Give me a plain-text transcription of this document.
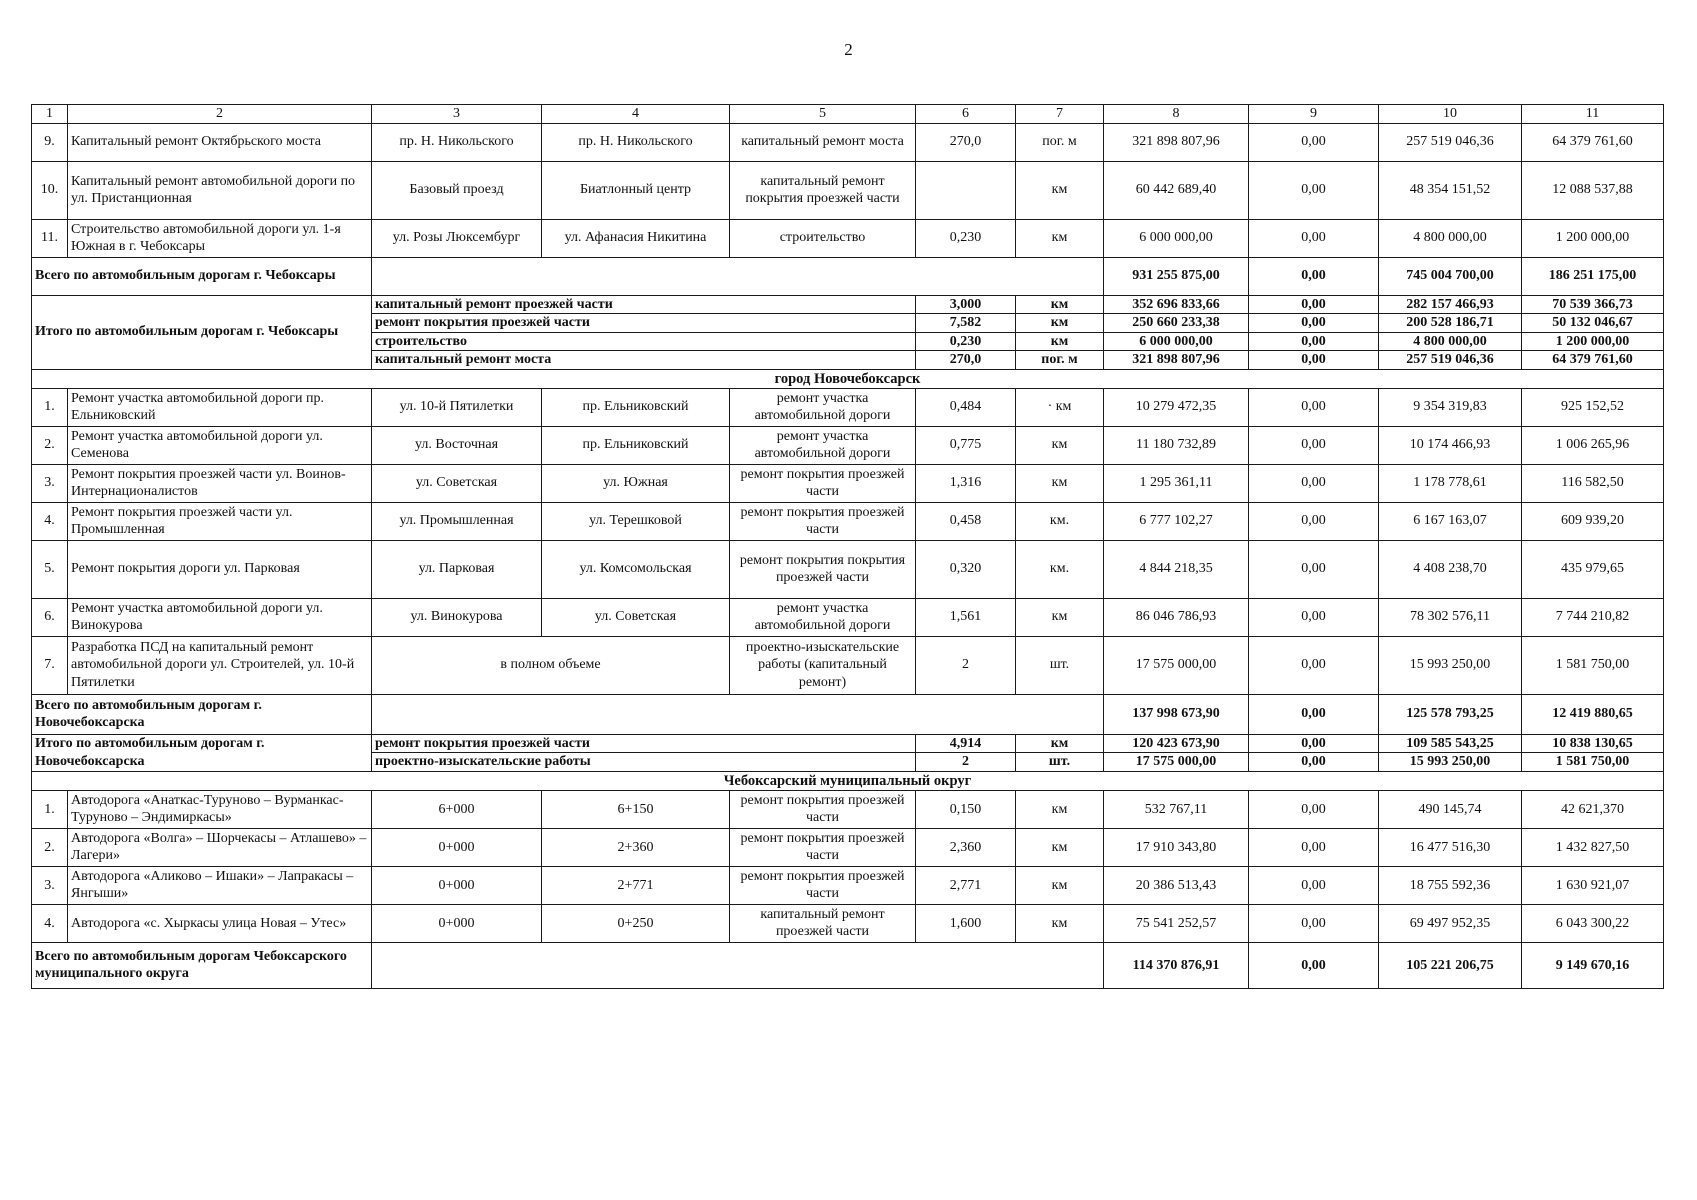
2
1	2	3	4	5	6	7	8	9	10	11
9.	Капитальный ремонт Октябрьского моста	пр. Н. Никольского	пр. Н. Никольского	капитальный ремонт моста	270,0	пог. м	321 898 807,96	0,00	257 519 046,36	64 379 761,60
10.	Капитальный ремонт автомобильной дороги по ул. Пристанционная	Базовый проезд	Биатлонный центр	капитальный ремонт покрытия проезжей части		км	60 442 689,40	0,00	48 354 151,52	12 088 537,88
11.	Строительство автомобильной дороги ул. 1-я Южная в г. Чебоксары	ул. Розы Люксембург	ул. Афанасия Никитина	строительство	0,230	км	6 000 000,00	0,00	4 800 000,00	1 200 000,00
Всего по автомобильным дорогам г. Чебоксары							931 255 875,00	0,00	745 004 700,00	186 251 175,00
Итого по автомобильным дорогам г. Чебоксары		капитальный ремонт проезжей части			3,000	км	352 696 833,66	0,00	282 157 466,93	70 539 366,73
		ремонт покрытия проезжей части			7,582	км	250 660 233,38	0,00	200 528 186,71	50 132 046,67
		строительство			0,230	км	6 000 000,00	0,00	4 800 000,00	1 200 000,00
		капитальный ремонт моста			270,0	пог. м	321 898 807,96	0,00	257 519 046,36	64 379 761,60
город Новочебоксарск										
1.	Ремонт участка автомобильной дороги пр. Ельниковский	ул. 10-й Пятилетки	пр. Ельниковский	ремонт участка автомобильной дороги	0,484	· км	10 279 472,35	0,00	9 354 319,83	925 152,52
2.	Ремонт участка автомобильной дороги ул. Семенова	ул. Восточная	пр. Ельниковский	ремонт участка автомобильной дороги	0,775	км	11 180 732,89	0,00	10 174 466,93	1 006 265,96
3.	Ремонт покрытия проезжей части ул. Воинов-Интернационалистов	ул. Советская	ул. Южная	ремонт покрытия проезжей части	1,316	км	1 295 361,11	0,00	1 178 778,61	116 582,50
4.	Ремонт покрытия проезжей части ул. Промышленная	ул. Промышленная	ул. Терешковой	ремонт покрытия проезжей части	0,458	км.	6 777 102,27	0,00	6 167 163,07	609 939,20
5.	Ремонт покрытия дороги ул. Парковая	ул. Парковая	ул. Комсомольская	ремонт покрытия покрытия проезжей части	0,320	км.	4 844 218,35	0,00	4 408 238,70	435 979,65
6.	Ремонт участка автомобильной дороги ул. Винокурова	ул. Винокурова	ул. Советская	ремонт участка автомобильной дороги	1,561	км	86 046 786,93	0,00	78 302 576,11	7 744 210,82
7.	Разработка ПСД на капитальный ремонт автомобильной дороги ул. Строителей, ул. 10-й Пятилетки	в полном объеме		проектно-изыскательские работы (капитальный ремонт)	2	шт.	17 575 000,00	0,00	15 993 250,00	1 581 750,00
Всего по автомобильным дорогам г. Новочебоксарска							137 998 673,90	0,00	125 578 793,25	12 419 880,65
Итого по автомобильным дорогам г. Новочебоксарска		ремонт покрытия проезжей части			4,914	км	120 423 673,90	0,00	109 585 543,25	10 838 130,65
		проектно-изыскательские работы			2	шт.	17 575 000,00	0,00	15 993 250,00	1 581 750,00
Чебоксарский муниципальный округ										
1.	Автодорога «Анаткас-Туруново – Вурманкас-Туруново – Эндимиркасы»	6+000	6+150	ремонт покрытия проезжей части	0,150	км	532 767,11	0,00	490 145,74	42 621,370
2.	Автодорога «Волга» – Шорчекасы – Атлашево» – Лагери»	0+000	2+360	ремонт покрытия проезжей части	2,360	км	17 910 343,80	0,00	16 477 516,30	1 432 827,50
3.	Автодорога «Аликово – Ишаки» – Лапракасы – Янгыши»	0+000	2+771	ремонт покрытия проезжей части	2,771	км	20 386 513,43	0,00	18 755 592,36	1 630 921,07
4.	Автодорога «с. Хыркасы улица Новая – Утес»	0+000	0+250	капитальный ремонт проезжей части	1,600	км	75 541 252,57	0,00	69 497 952,35	6 043 300,22
Всего по автомобильным дорогам Чебоксарского муниципального округа							114 370 876,91	0,00	105 221 206,75	9 149 670,16
